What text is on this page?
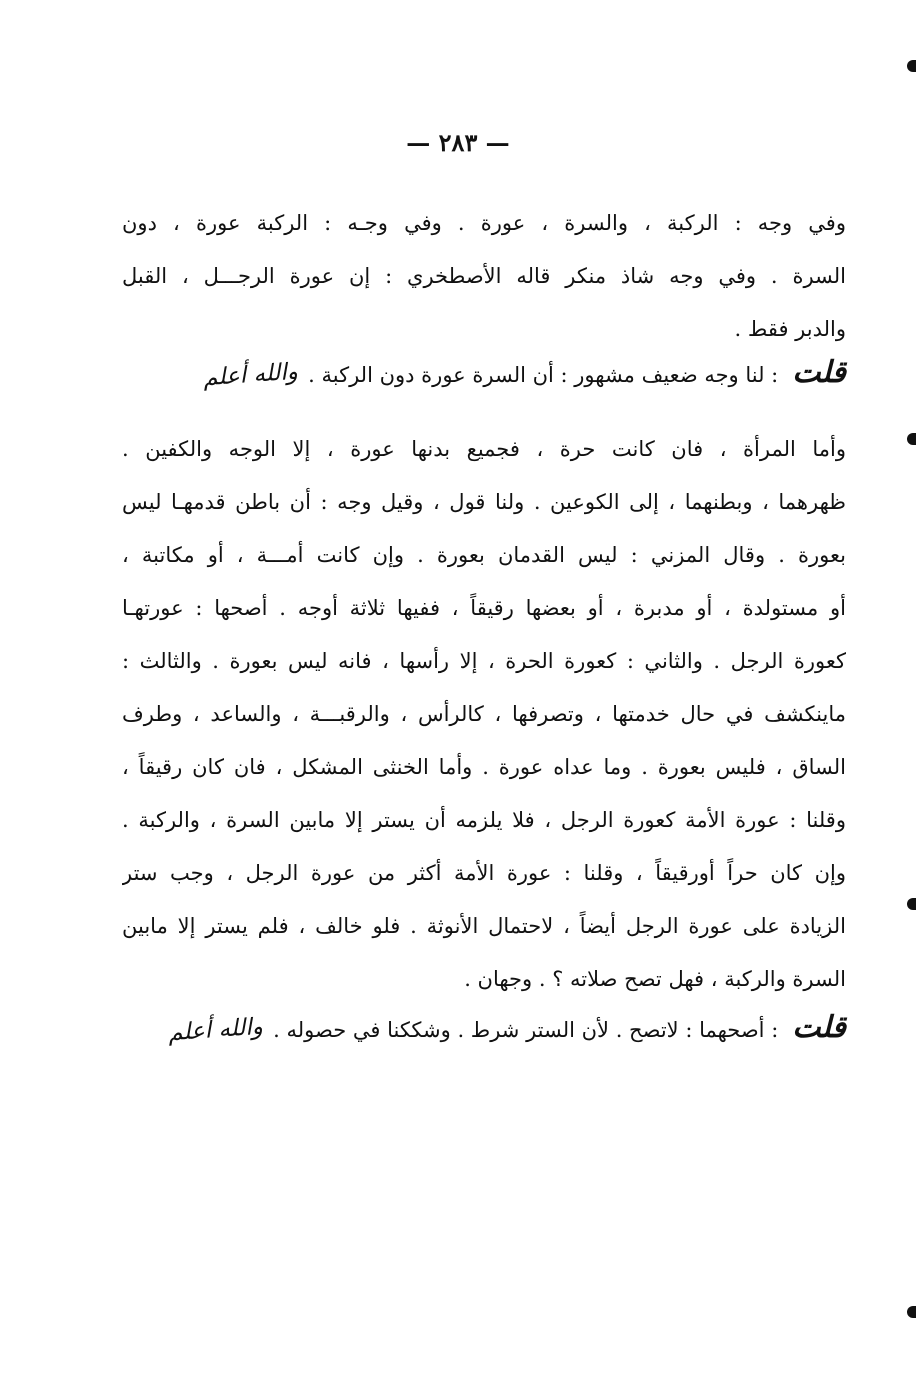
— ٢٨٣ —
وفي وجه : الركبة ، والسرة ، عورة . وفي وجـه : الركبة عورة ، دون
السرة . وفي وجه شاذ منكر قاله الأصطخري : إن عورة الرجـــل ، القبل
والدبر فقط .
قلت
: لنا وجه ضعيف مشهور : أن السرة عورة دون الركبة .
والله أعلم
وأما المرأة ، فان كانت حرة ، فجميع بدنها عورة ، إلا الوجه والكفين .
ظهرهما ، وبطنهما ، إلى الكوعين . ولنا قول ، وقيل وجه : أن باطن قدمهـا ليس
بعورة . وقال المزني : ليس القدمان بعورة . وإن كانت أمـــة ، أو مكاتبة ،
أو مستولدة ، أو مدبرة ، أو بعضها رقيقاً ، ففيها ثلاثة أوجه . أصحها : عورتهـا
كعورة الرجل . والثاني : كعورة الحرة ، إلا رأسها ، فانه ليس بعورة . والثالث :
ماينكشف في حال خدمتها ، وتصرفها ، كالرأس ، والرقبـــة ، والساعد ، وطرف
الساق ، فليس بعورة . وما عداه عورة . وأما الخنثى المشكل ، فان كان رقيقاً ،
وقلنا : عورة الأمة كعورة الرجل ، فلا يلزمه أن يستر إلا مابين السرة ، والركبة .
وإن كان حراً أورقيقاً ، وقلنا : عورة الأمة أكثر من عورة الرجل ، وجب ستر
الزيادة على عورة الرجل أيضاً ، لاحتمال الأنوثة . فلو خالف ، فلم يستر إلا مابين
السرة والركبة ، فهل تصح صلاته ؟ . وجهان .
قلت
: أصحهما : لاتصح . لأن الستر شرط . وشككنا في حصوله .
والله أعلم
